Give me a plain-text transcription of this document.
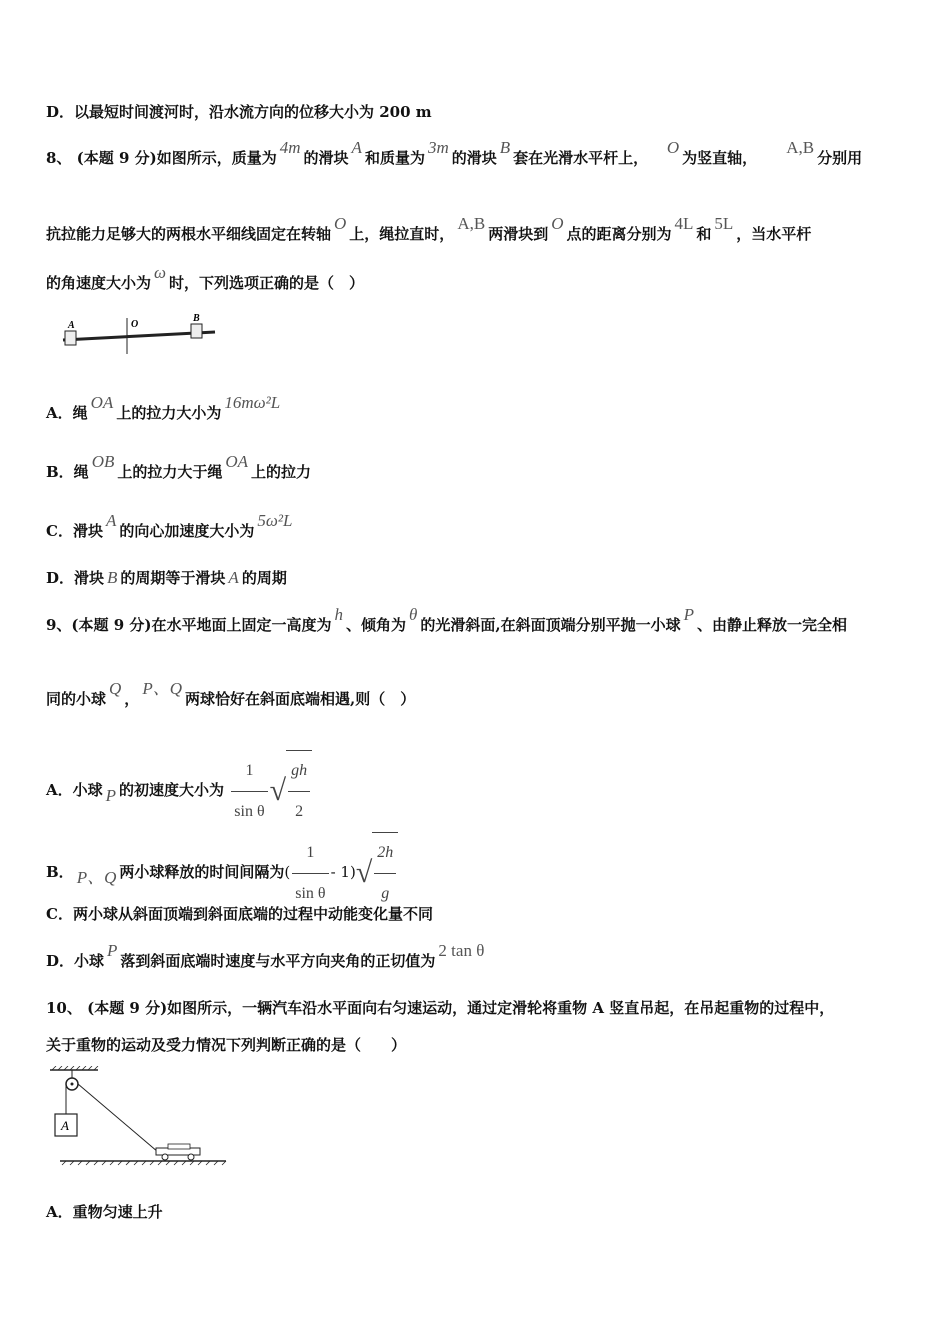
D．以最短时间渡河时，沿水流方向的位移大小为 200 m
8、 (本题 9 分)如图所示，质量为4m的滑块A和质量为3m的滑块B套在光滑水平杆上，   O为竖直轴，     A,B分别用
抗拉能力足够大的两根水平细线固定在转轴O上，绳拉直时，A,B两滑块到O点的距离分别为4L和5L，当水平杆
的角速度大小为ω时，下列选项正确的是（　）
A	O
B
A．绳OA上的拉力大小为16mω²L
B．绳OB上的拉力大于绳OA上的拉力
C．滑块A的向心加速度大小为5ω²L
D．滑块 B 的周期等于滑块 A 的周期
9、(本题 9 分)在水平地面上固定一高度为h、倾角为θ的光滑斜面,在斜面顶端分别平抛一小球P、由静止释放一完全相
同的小球Q，P、Q两球恰好在斜面底端相遇,则（　）
A．小球 P 的初速度大小为 $\frac{1}{\text{sin θ}}$ √ $\frac{gh}{2}$
B． P、Q 两小球释放的时间间隔为( $\frac{1}{\text{sin θ}} - 1)√ \frac{2h}{g}$
C．两小球从斜面顶端到斜面底端的过程中动能变化量不同
D．小球P落到斜面底端时速度与水平方向夹角的正切值为2 tan θ
10、 (本题 9 分)如图所示，一辆汽车沿水平面向右匀速运动，通过定滑轮将重物 A 竖直吊起，在吊起重物的过程中，
关于重物的运动及受力情况下列判断正确的是（　　）
A
A．重物匀速上升
